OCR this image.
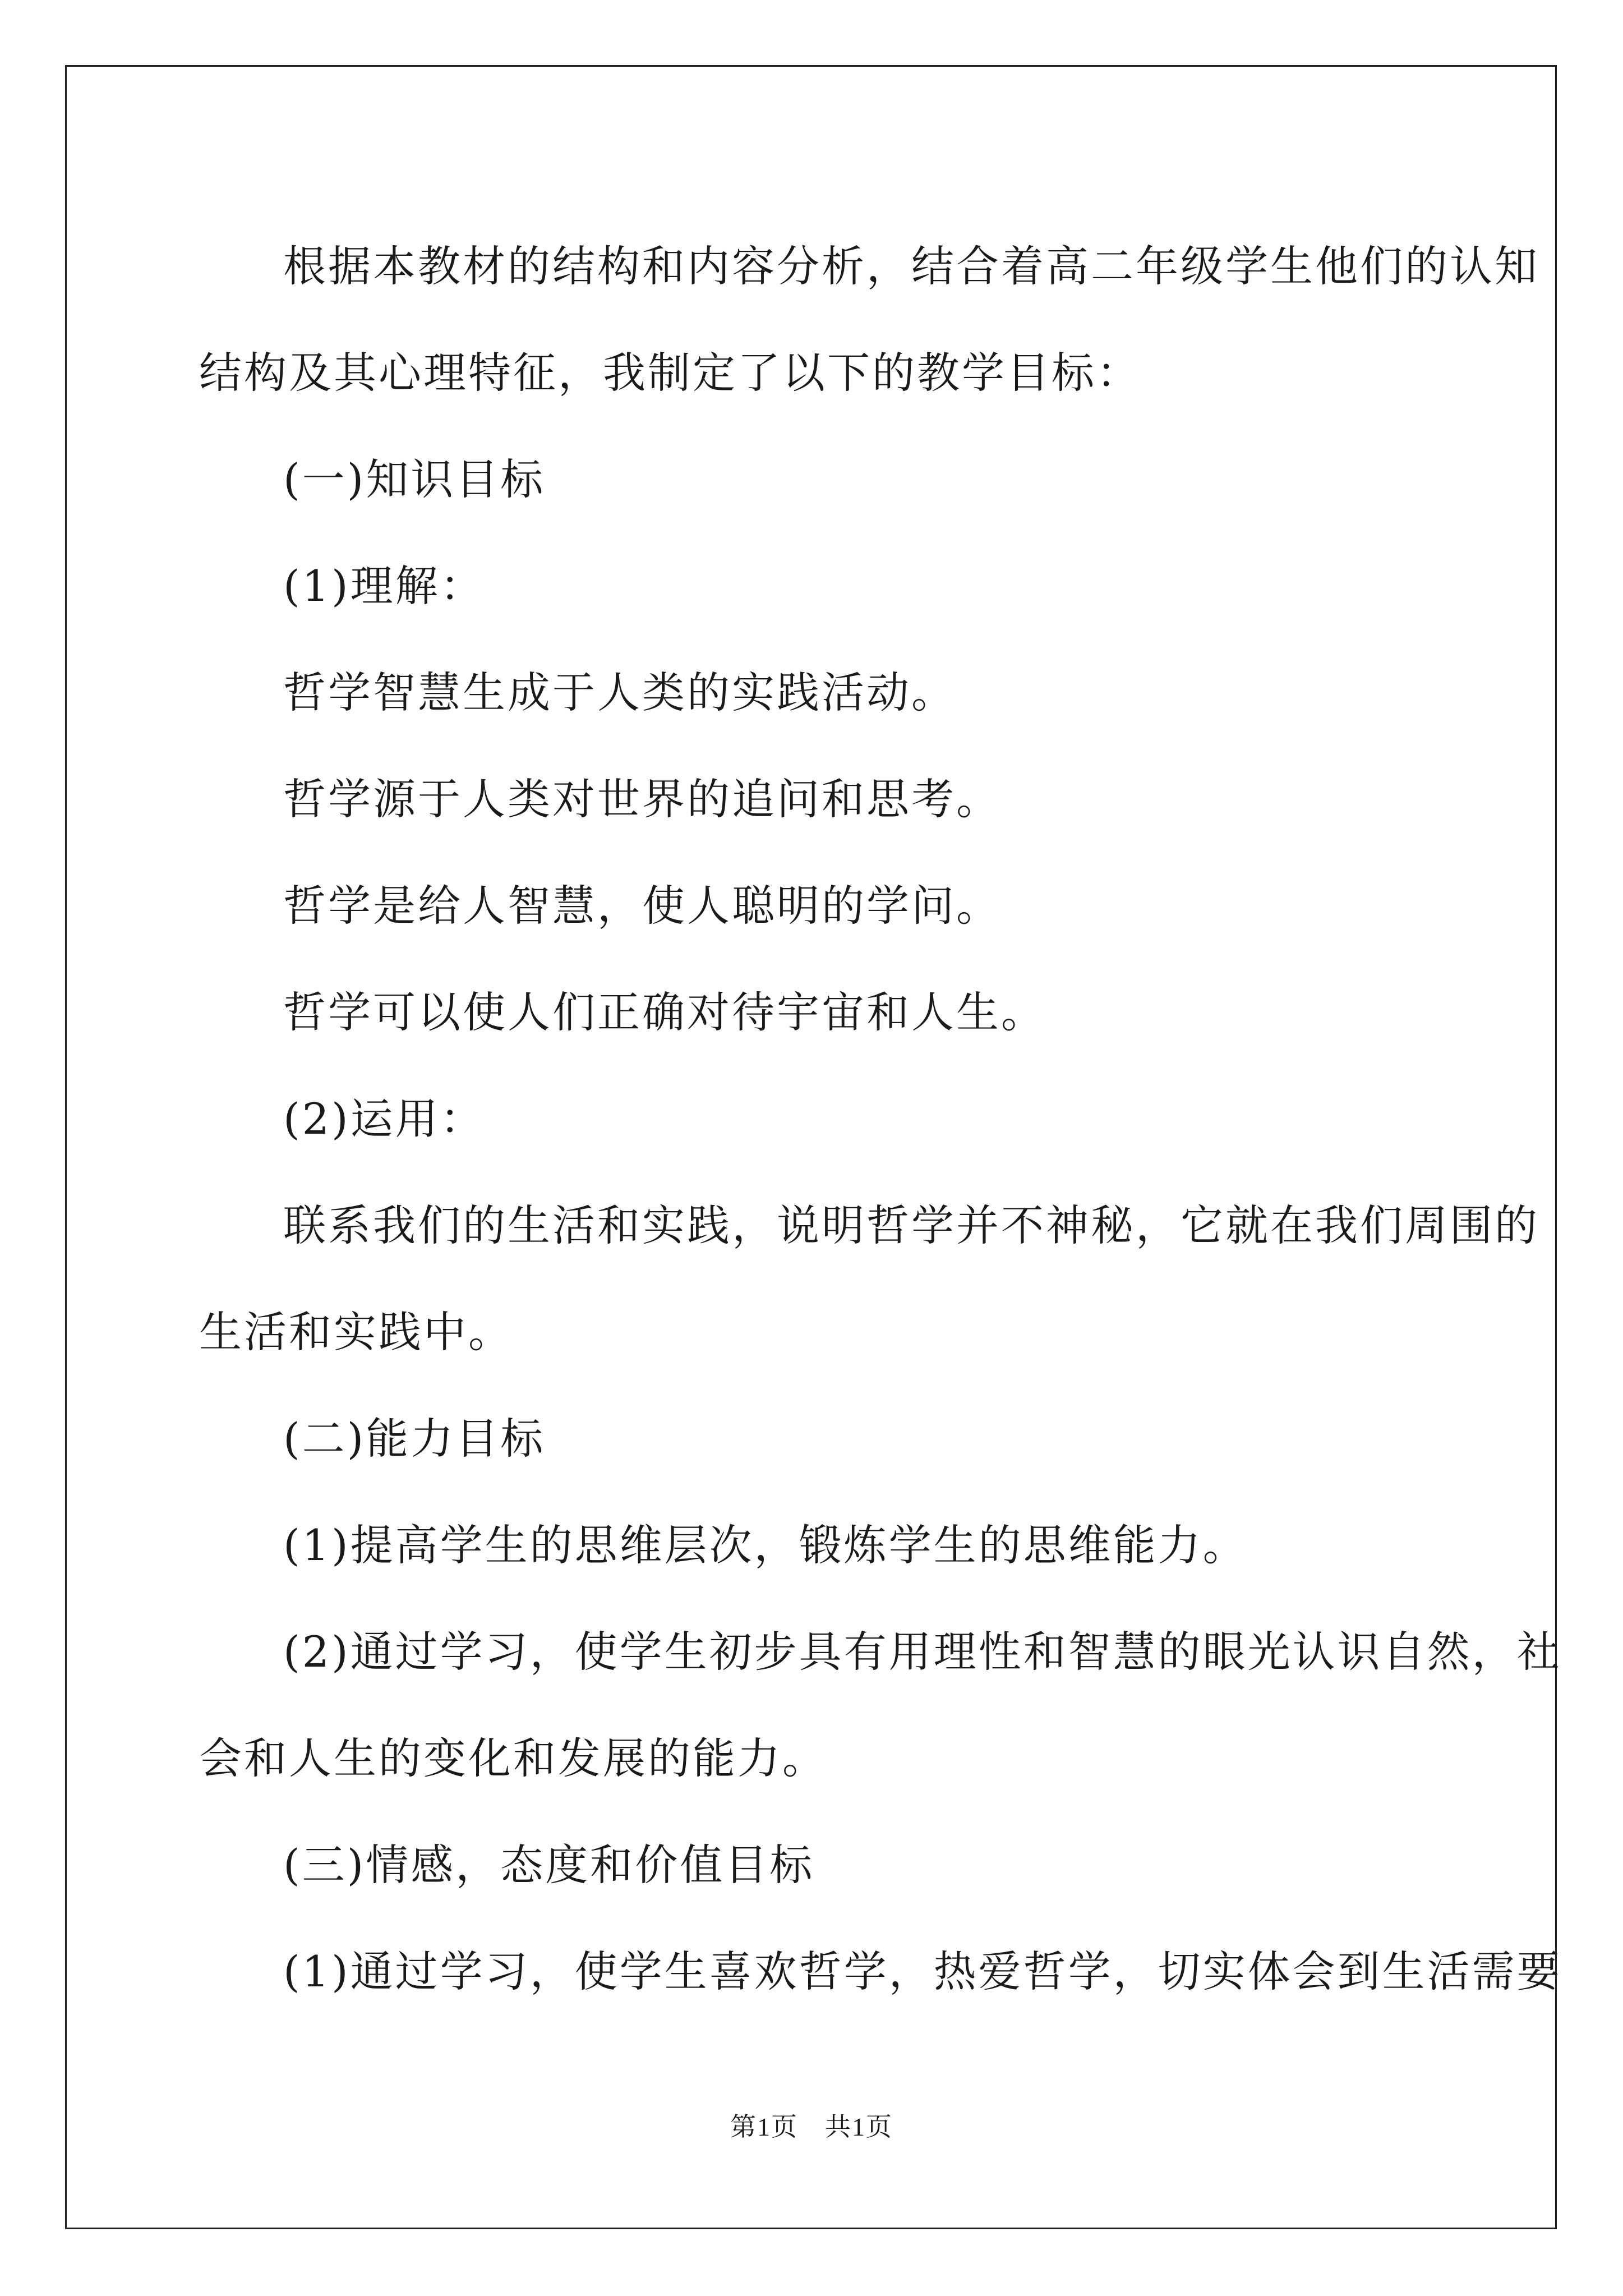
根据本教材的结构和内容分析，结合着高二年级学生他们的认知

结构及其心理特征，我制定了以下的教学目标：

(一)知识目标

(1)理解：

哲学智慧生成于人类的实践活动。

哲学源于人类对世界的追问和思考。

哲学是给人智慧，使人聪明的学问。

哲学可以使人们正确对待宇宙和人生。

(2)运用：

联系我们的生活和实践，说明哲学并不神秘，它就在我们周围的

生活和实践中。

(二)能力目标

(1)提高学生的思维层次，锻炼学生的思维能力。

(2)通过学习，使学生初步具有用理性和智慧的眼光认识自然，社

会和人生的变化和发展的能力。

(三)情感，态度和价值目标

(1)通过学习，使学生喜欢哲学，热爱哲学，切实体会到生活需要

第1页　共1页
